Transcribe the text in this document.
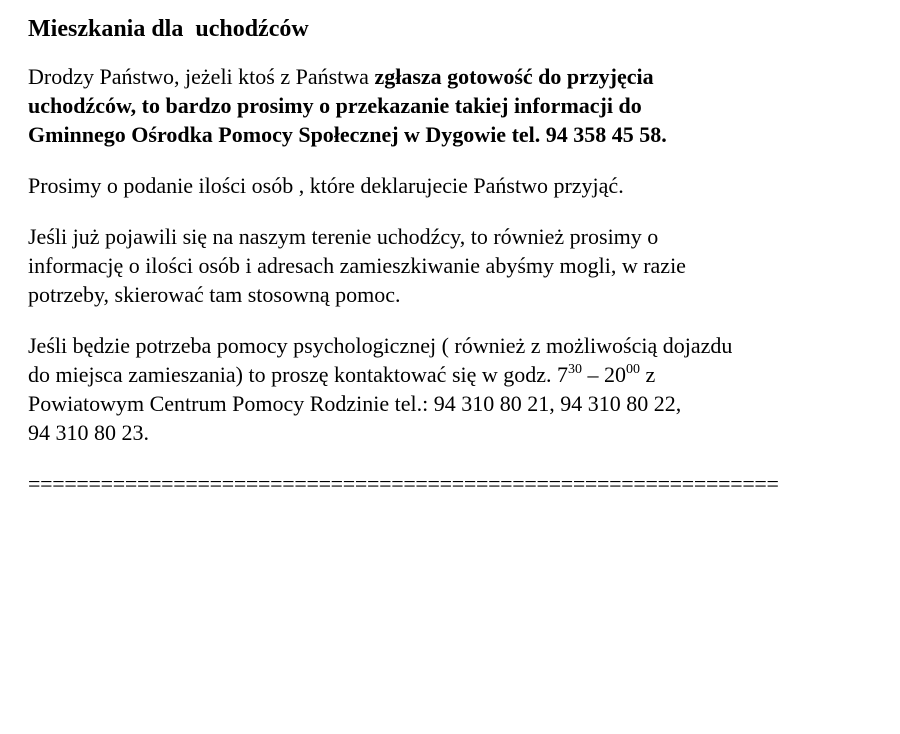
Mieszkania dla  uchodźców
Drodzy Państwo, jeżeli ktoś z Państwa zgłasza gotowość do przyjęcia
uchodźców, to bardzo prosimy o przekazanie takiej informacji do
Gminnego Ośrodka Pomocy Społecznej w Dygowie tel. 94 358 45 58.
Prosimy o podanie ilości osób , które deklarujecie Państwo przyjąć.
Jeśli już pojawili się na naszym terenie uchodźcy, to również prosimy o
informację o ilości osób i adresach zamieszkiwanie abyśmy mogli, w razie
potrzeby, skierować tam stosowną pomoc.
Jeśli będzie potrzeba pomocy psychologicznej ( również z możliwością dojazdu
do miejsca zamieszania) to proszę kontaktować się w godz. $7^{30} - 20^{00}$ z
Powiatowym Centrum Pomocy Rodzinie tel.: 94 310 80 21, 94 310 80 22,
94 310 80 23.
==============================================================
